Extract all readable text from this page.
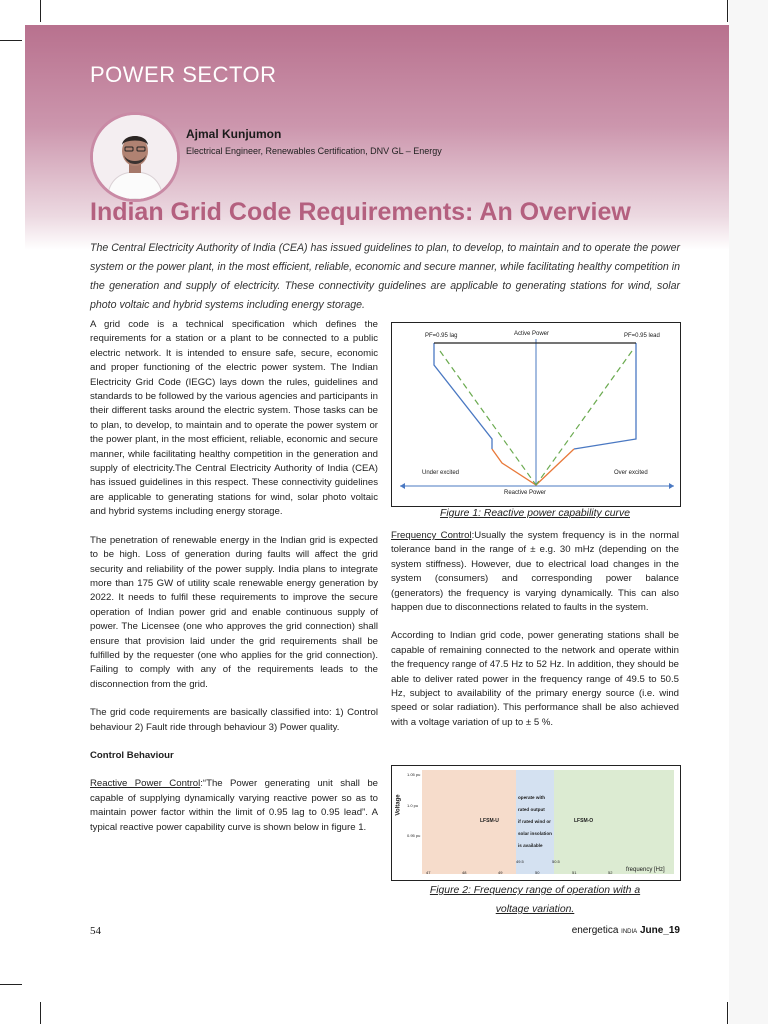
POWER SECTOR
Ajmal Kunjumon
Electrical Engineer, Renewables Certification, DNV GL – Energy
Indian Grid Code Requirements: An Overview
The Central Electricity Authority of India (CEA) has issued guidelines to plan, to develop, to maintain and to operate the power system or the power plant, in the most efficient, reliable, economic and secure manner, while facilitating healthy competition in the generation and supply of electricity. These connectivity guidelines are applicable to generating stations for wind, solar photo voltaic and hybrid systems including energy storage.

A grid code is a technical specification which defines the requirements for a station or a plant to be connected to a public electric network. It is intended to ensure safe, secure, economic and proper functioning of the electric power system. The Indian Electricity Grid Code (IEGC) lays down the rules, guidelines and standards to be followed by the various agencies and participants in their different tasks around the electric system. Those tasks can be to plan, to develop, to maintain and to operate the power system or the power plant, in the most efficient, reliable, economic and secure manner, while facilitating healthy competition in the generation and supply of electricity.The Central Electricity Authority of India (CEA) has issued guidelines in this respect. These connectivity guidelines are applicable to generating stations for wind, solar photo voltaic and hybrid systems including energy storage.

The penetration of renewable energy in the Indian grid is expected to be high. Loss of generation during faults will affect the grid security and reliability of the power supply. India plans to integrate more than 175 GW of utility scale renewable energy generation by 2022. It needs to fulfil these requirements to improve the secure operation of Indian power grid and enable continuous supply of power. The Licensee (one who approves the grid connection) shall ensure that provision laid under the grid requirements shall be fulfilled by the requester (one who applies for the grid connection). Failing to comply with any of the requirements leads to the disconnection from the grid.

The grid code requirements are basically classified into: 1) Control behaviour 2) Fault ride through behaviour 3) Power quality.

Control Behaviour

Reactive Power Control:“The Power generating unit shall be capable of supplying dynamically varying reactive power so as to maintain power factor within the limit of 0.95 lag to 0.95 lead”. A typical reactive power capability curve is shown below in figure 1.

PF=0.95 lag	Active Power	PF=0.95 lead
Under excited	Over excited
Reactive Power
Figure 1: Reactive power capability curve

Frequency Control:Usually the system frequency is in the normal tolerance band in the range of ± e.g. 30 mHz (depending on the system stiffness). However, due to electrical load changes in the system (consumers) and corresponding power balance (generators) the frequency is varying dynamically. This can also happen due to disconnections related to faults in the system.

According to Indian grid code, power generating stations shall be capable of remaining connected to the network and operate within the frequency range of 47.5 Hz to 52 Hz. In addition, they should be able to deliver rated power in the frequency range of 49.5 to 50.5 Hz, subject to availability of the primary energy source (i.e. wind speed or solar radiation). This performance shall be also achieved with a voltage variation of up to ± 5 %.

Voltage
1.05 pu
1.0 pu
0.95 pu
LFSM-U	LFSM-O
operate with
rated output
if rated wind or
solar insolation
is available
47	48	49
49.5
50
50.5
51	52 frequency [Hz]
Figure 2: Frequency range of operation with a
voltage variation.
54	energetica INDIA June_19
